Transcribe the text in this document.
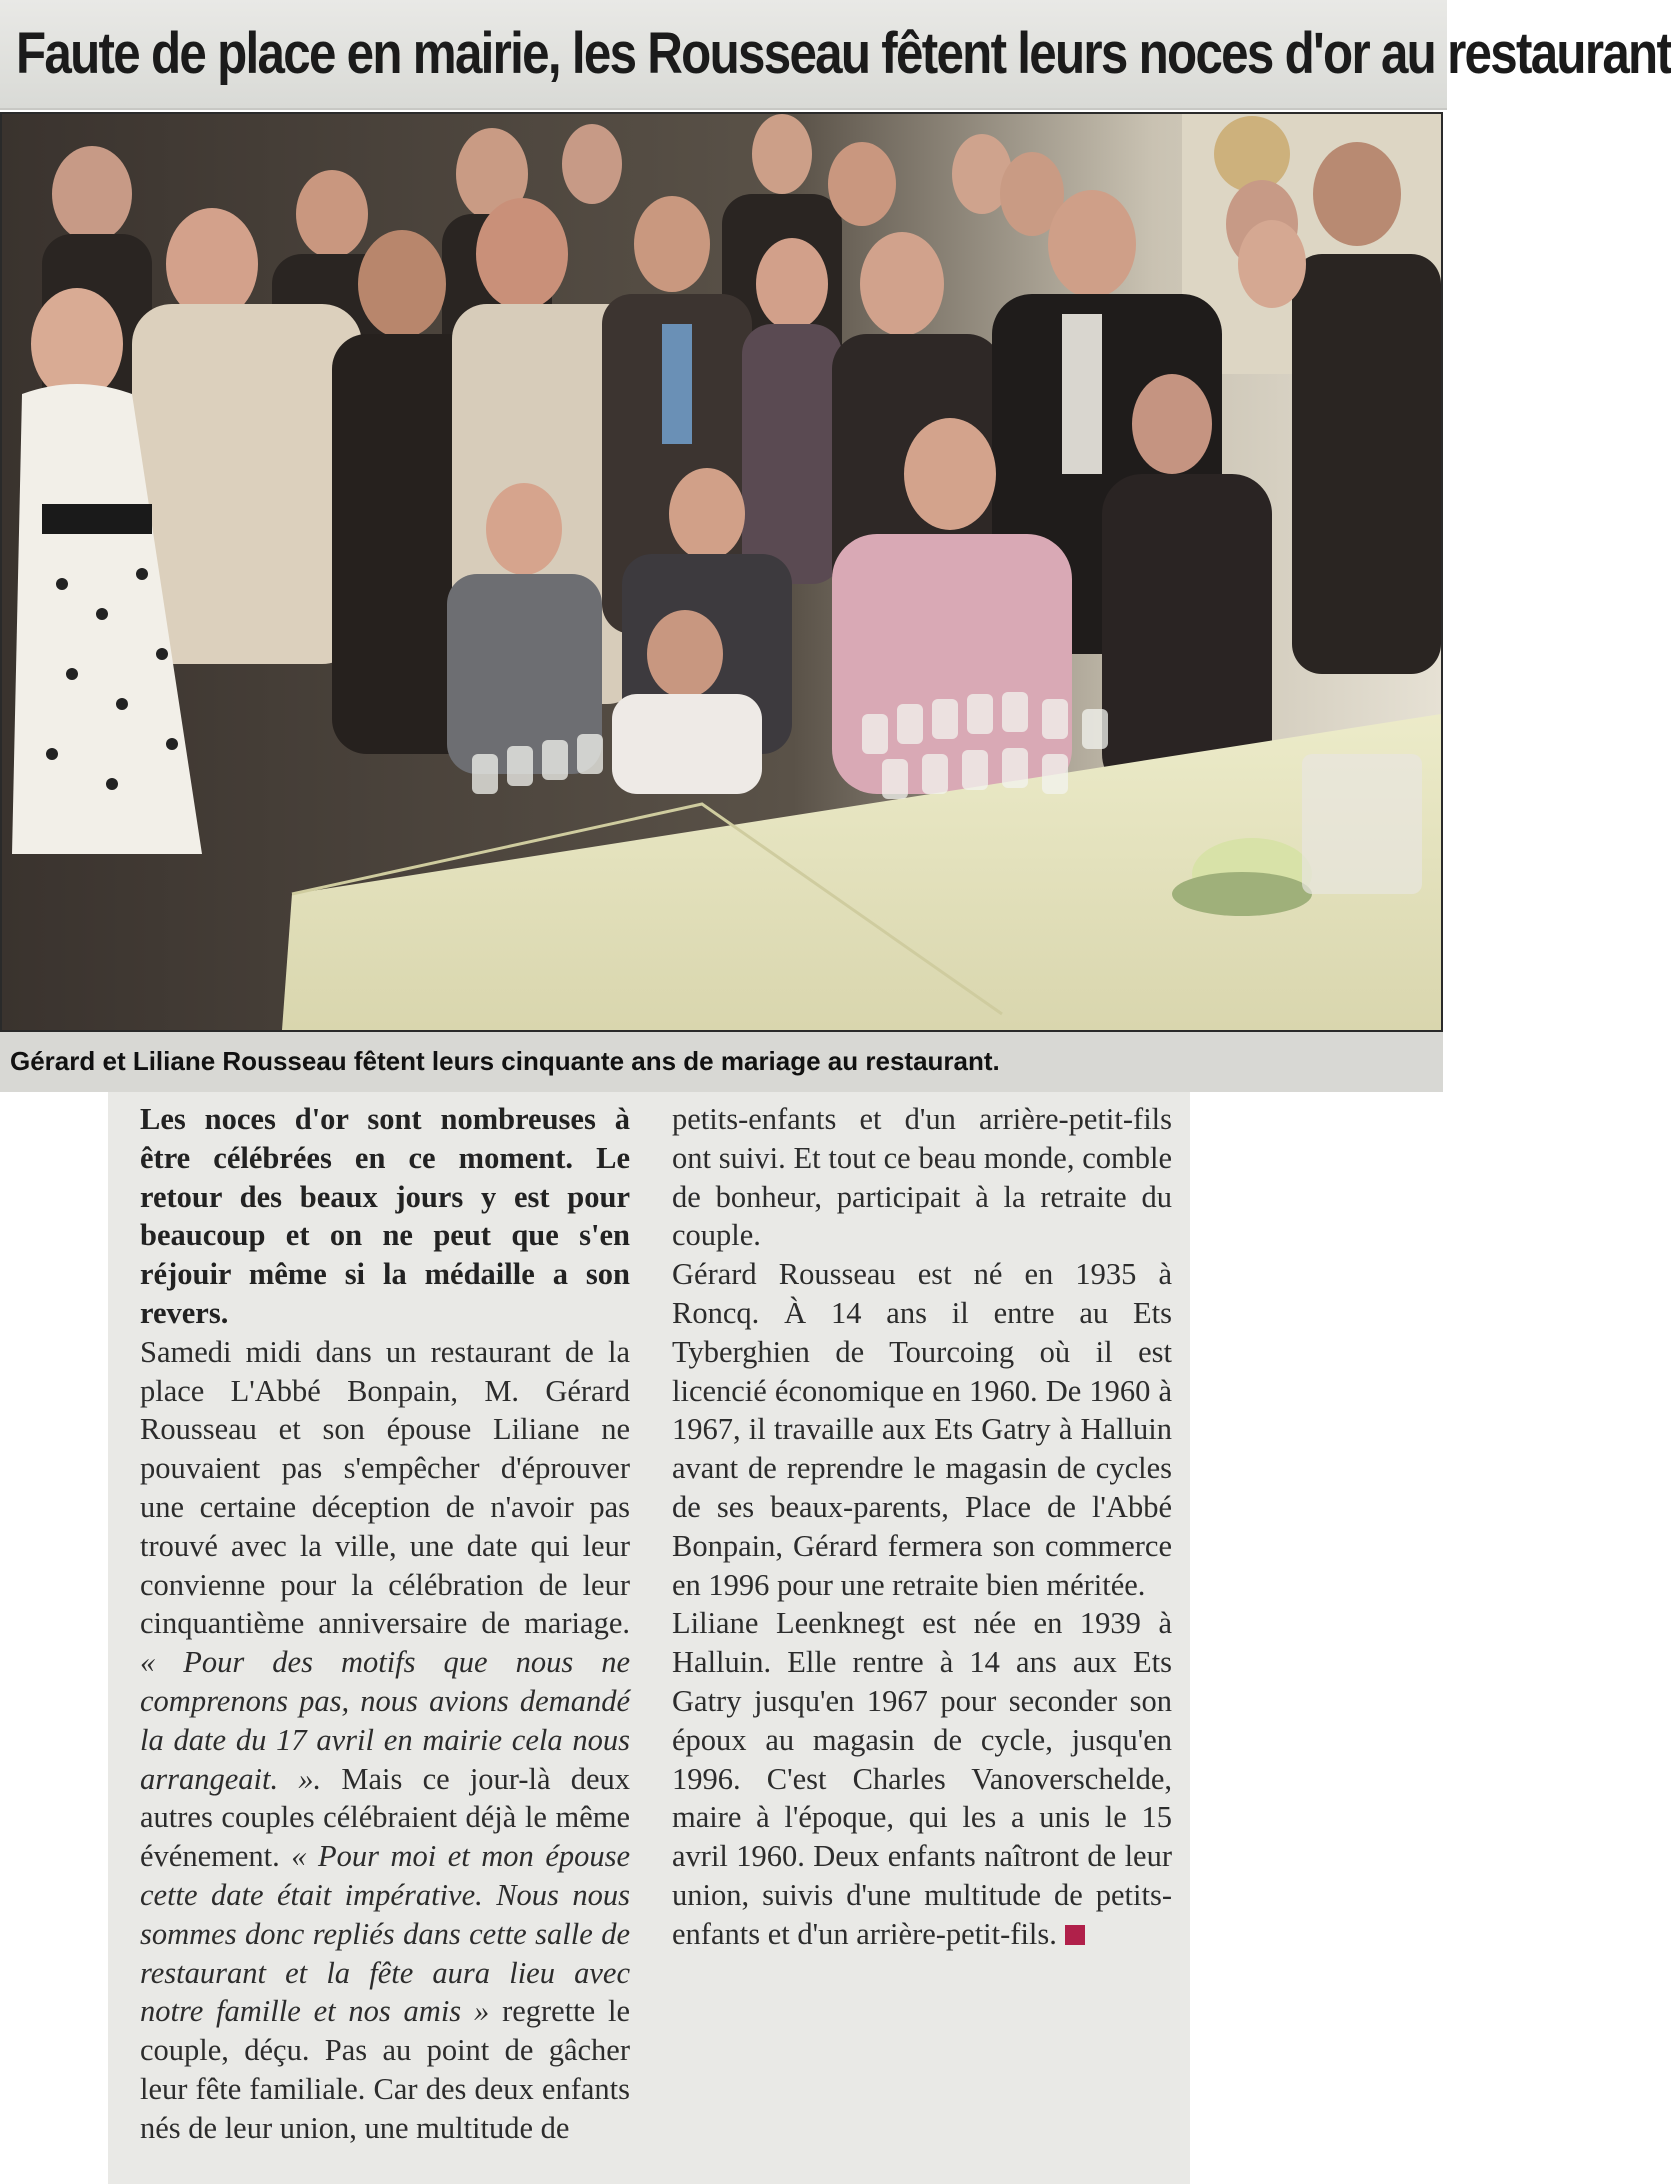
Faute de place en mairie, les Rousseau fêtent leurs noces d'or au restaurant
Gérard et Liliane Rousseau fêtent leurs cinquante ans de mariage au restaurant.

Les noces d'or sont nombreuses à être célébrées en ce moment. Le retour des beaux jours y est pour beaucoup et on ne peut que s'en réjouir même si la médaille a son revers.

Samedi midi dans un restaurant de la place L'Abbé Bonpain, M. Gérard Rousseau et son épouse Liliane ne pouvaient pas s'empêcher d'éprouver une certaine déception de n'avoir pas trouvé avec la ville, une date qui leur convienne pour la célébration de leur cinquantième anniversaire de mariage. « Pour des motifs que nous ne comprenons pas, nous avions demandé la date du 17 avril en mairie cela nous arrangeait. ». Mais ce jour-là deux autres couples célébraient déjà le même événement. « Pour moi et mon épouse cette date était impérative. Nous nous sommes donc repliés dans cette salle de restaurant et la fête aura lieu avec notre famille et nos amis » regrette le couple, déçu. Pas au point de gâcher leur fête familiale. Car des deux enfants nés de leur union, une multitude de

petits-enfants et d'un arrière-petit-fils ont suivi. Et tout ce beau monde, comble de bonheur, participait à la retraite du couple.

Gérard Rousseau est né en 1935 à Roncq. À 14 ans il entre au Ets Tyberghien de Tourcoing où il est licencié économique en 1960. De 1960 à 1967, il travaille aux Ets Gatry à Halluin avant de reprendre le magasin de cycles de ses beaux-parents, Place de l'Abbé Bonpain, Gérard fermera son commerce en 1996 pour une retraite bien méritée.

Liliane Leenknegt est née en 1939 à Halluin. Elle rentre à 14 ans aux Ets Gatry jusqu'en 1967 pour seconder son époux au magasin de cycle, jusqu'en 1996. C'est Charles Vanoverschelde, maire à l'époque, qui les a unis le 15 avril 1960. Deux enfants naîtront de leur union, suivis d'une multitude de petits-enfants et d'un arrière-petit-fils.
